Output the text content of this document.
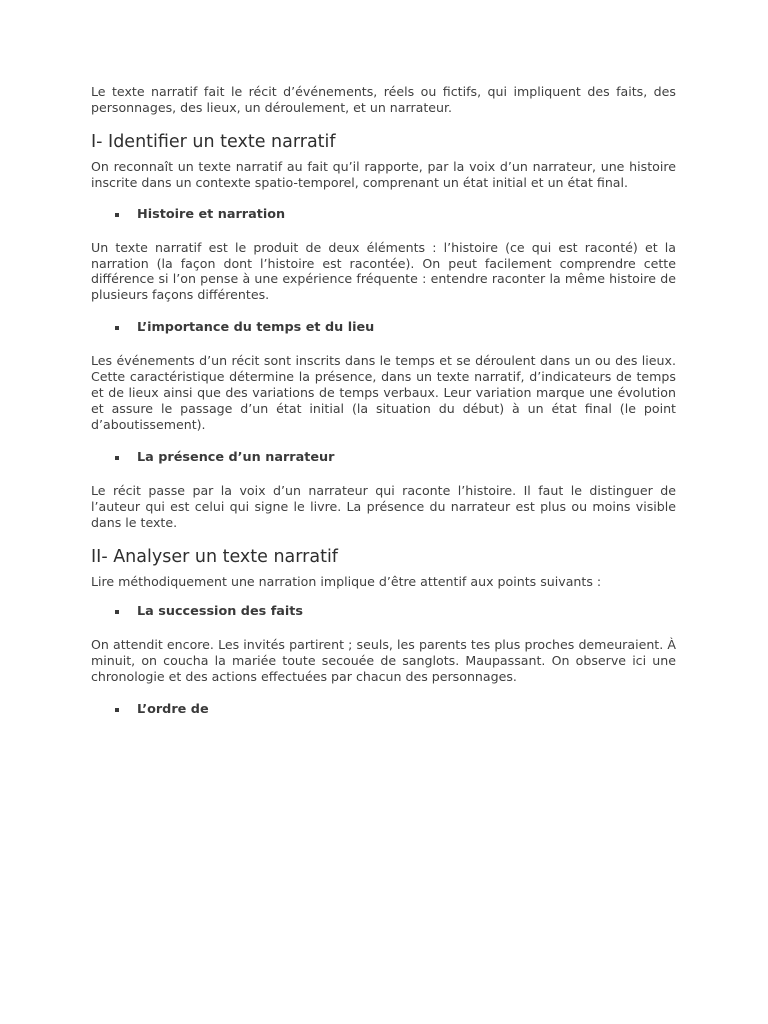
Le texte narratif fait le récit d’événements, réels ou fictifs, qui impliquent des faits, des personnages, des lieux, un déroulement, et un narrateur.

I- Identifier un texte narratif

On reconnaît un texte narratif au fait qu’il rapporte, par la voix d’un narrateur, une histoire inscrite dans un contexte spatio-temporel, comprenant un état initial et un état final.

Histoire et narration

Un texte narratif est le produit de deux éléments : l’histoire (ce qui est raconté) et la narration (la façon dont l’histoire est racontée). On peut facilement comprendre cette différence si l’on pense à une expérience fréquente : entendre raconter la même histoire de plusieurs façons différentes.

L’importance du temps et du lieu

Les événements d’un récit sont inscrits dans le temps et se déroulent dans un ou des lieux. Cette caractéristique détermine la présence, dans un texte narratif, d’indicateurs de temps et de lieux ainsi que des variations de temps verbaux. Leur variation marque une évolution et assure le passage d’un état initial (la situation du début) à un état final (le point d’aboutissement).

La présence d’un narrateur

Le récit passe par la voix d’un narrateur qui raconte l’histoire. Il faut le distinguer de l’auteur qui est celui qui signe le livre. La présence du narrateur est plus ou moins visible dans le texte.

II- Analyser un texte narratif

Lire méthodiquement une narration implique d’être attentif aux points suivants :

La succession des faits

On attendit encore. Les invités partirent ; seuls, les parents tes plus proches demeuraient. À minuit, on coucha la mariée toute secouée de sanglots. Maupassant. On observe ici une chronologie et des actions effectuées par chacun des personnages.

L’ordre de
